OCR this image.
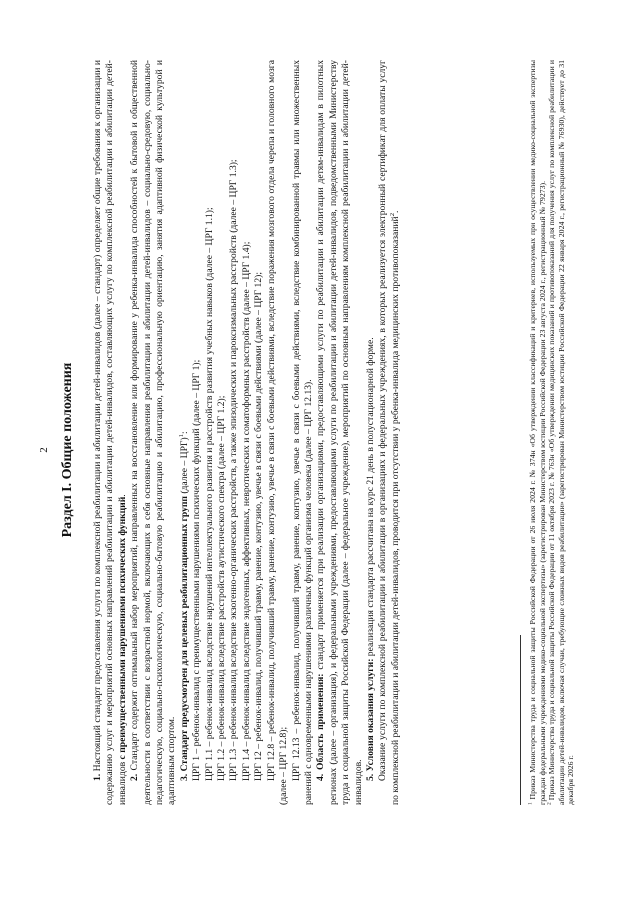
2 Раздел I. Общие положения

1. Настоящий стандарт предоставления услуги по комплексной реабилитации и абилитации детей-инвалидов (далее – стандарт) определяет общие требования к организации и содержанию услуг и мероприятий основных направлений реабилитации и абилитации детей-инвалидов, составляющих услугу по комплексной реабилитации и абилитации детей-инвалидов с преимущественными нарушениями психических функций.

2. Стандарт содержит оптимальный набор мероприятий, направленных на восстановление или формирование у ребенка-инвалида способностей к бытовой и общественной деятельности в соответствии с возрастной нормой, включающих в себя основные направления реабилитации и абилитации детей-инвалидов – социально-средовую, социально-педагогическую, социально-психологическую, социально-бытовую реабилитацию и абилитацию, профессиональную ориентацию, занятия адаптивной физической культурой и адаптивным спортом. 3. Стандарт предусмотрен для целевых реабилитационных групп (далее – ЦРГ)$^1$: ЦРГ 1 – ребенок-инвалид с преимущественными нарушениями психических функций (далее – ЦРГ 1); ЦРГ 1.1 – ребенок-инвалид вследствие нарушений интеллектуального развития и расстройств развития учебных навыков (далее – ЦРГ 1.1); ЦРГ 1.2 – ребенок-инвалид вследствие расстройств аутистического спектра (далее – ЦРГ 1.2); ЦРГ 1.3 – ребенок-инвалид вследствие экзогенно-органических расстройств, а также эпизодических и пароксизмальных расстройств (далее – ЦРГ 1.3); ЦРГ 1.4 – ребенок-инвалид вследствие эндогенных, аффективных, невротических и соматоформных расстройств (далее – ЦРГ 1.4); ЦРГ 12 – ребенок-инвалид, получивший травму, ранение, контузию, увечье в связи с боевыми действиями (далее – ЦРГ 12); ЦРГ 12.8 – ребенок-инвалид, получивший травму, ранение, контузию, увечье в связи с боевыми действиями, вследствие поражения мозгового отдела черепа и головного мозга (далее – ЦРГ 12.8); ЦРГ 12.13 – ребенок-инвалид, получивший травму, ранение, контузию, увечье в связи с боевыми действиями, вследствие комбинированной травмы или множественных ранений с одновременными нарушениями различных функций организма человека (далее – ЦРГ 12.13). 4. Область применения: стандарт применяется при реализации организациями, предоставляющими услуги по реабилитации и абилитации детям-инвалидам в пилотных регионах (далее – организация), и федеральными учреждениями, предоставляющими услуги по реабилитации и абилитации детей-инвалидов, подведомственными Министерству труда и социальной защиты Российской Федерации (далее – федеральное учреждение), мероприятий по основным направлениям комплексной реабилитации и абилитации детей-инвалидов.

5. Условия оказания услуги: реализация стандарта рассчитана на курс 21 день в полустационарной форме. Оказание услуги по комплексной реабилитации и абилитации в организациях и федеральных учреждениях, в которых реализуется электронный сертификат для оплаты услуг по комплексной реабилитации и абилитации детей-инвалидов, проводится при отсутствии у ребенка-инвалида медицинских противопоказаний$^2$.

$^1$ Приказ Министерства труда и социальной защиты Российской Федерации от 26 июля 2024 г. № 374н «Об утверждении классификаций и критериев, используемых при осуществлении медико-социальной экспертизы граждан федеральными учреждениями медико-социальной экспертизы» (зарегистрирован Министерством юстиции Российской Федерации 23 августа 2024 г., регистрационный № 79273). $^2$ Приказ Министерства труда и социальной защиты Российской Федерации от 11 октября 2023 г. № 763н «Об утверждении медицинских показаний и противопоказаний для получения услуг по комплексной реабилитации и абилитации детей-инвалидов, включая случаи, требующие сложных видов реабилитации» (зарегистрирован Министерством юстиции Российской Федерации 22 января 2024 г., регистрационный № 76930), действует до 31 декабря 2026 г.
